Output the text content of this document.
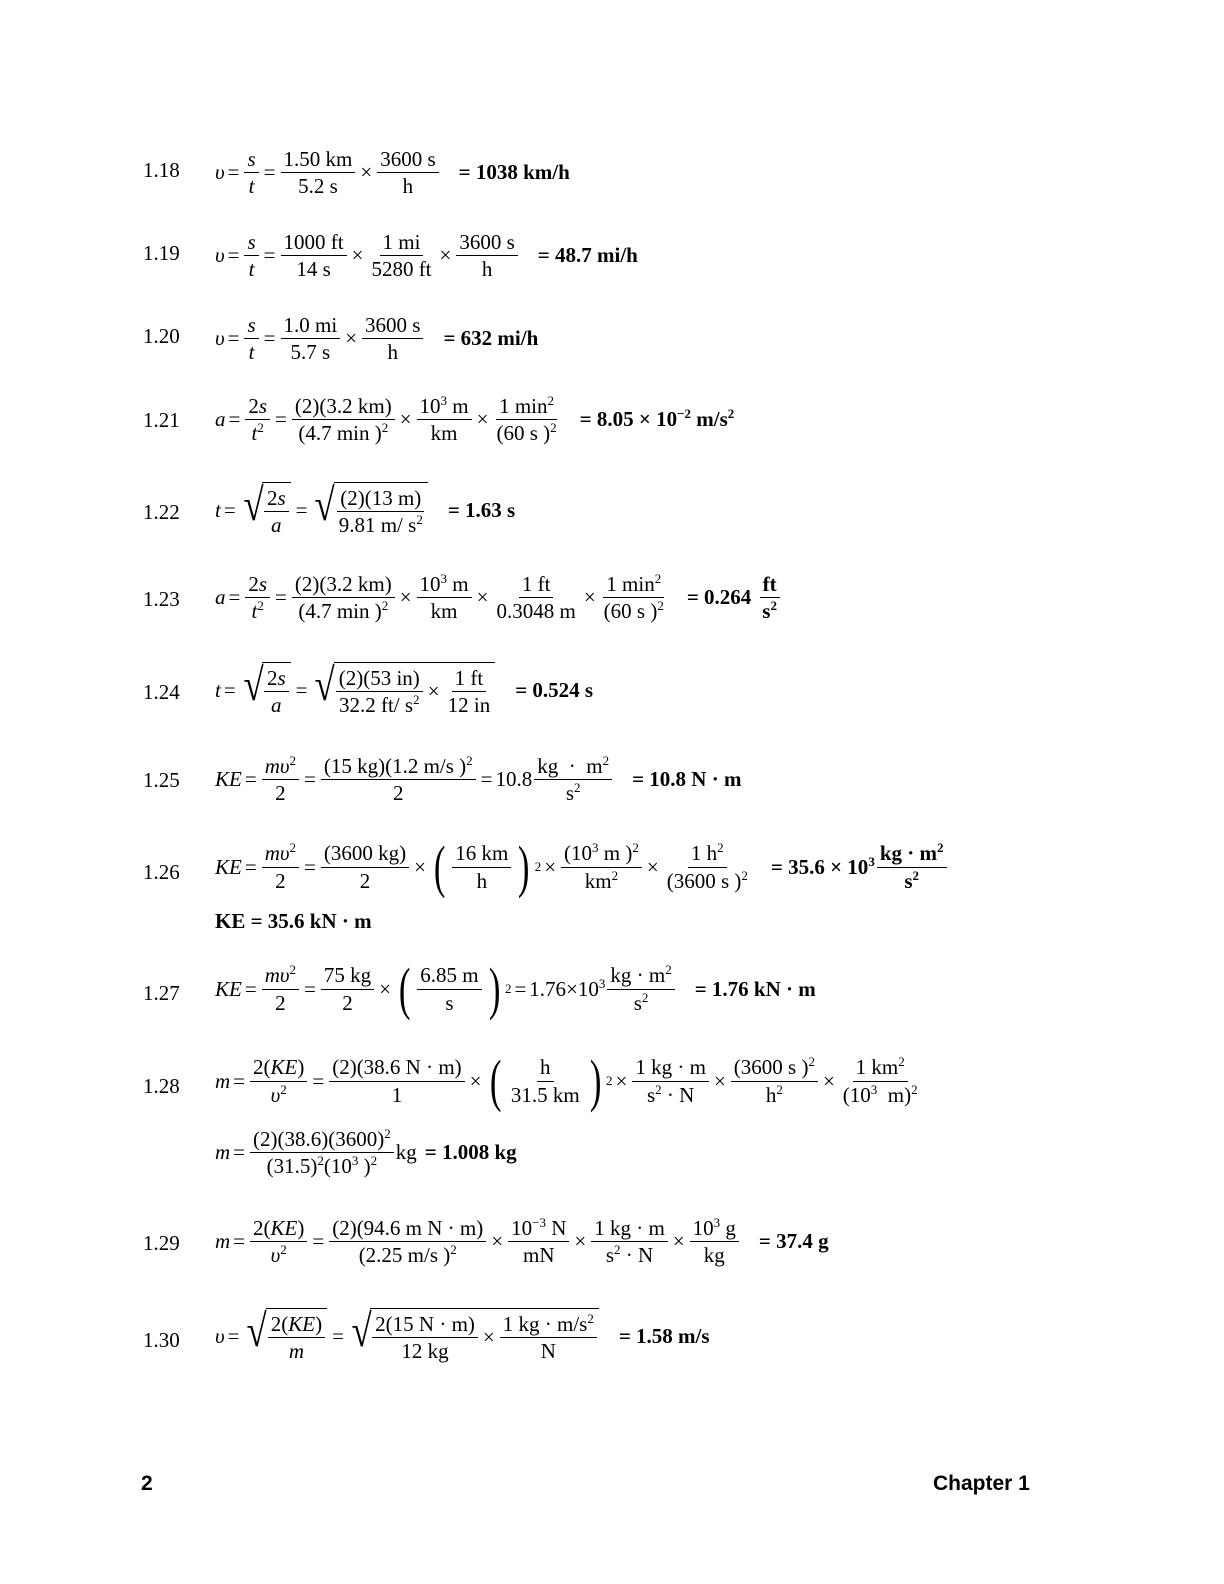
1.18 $\upsilon = \frac{s}{t} = \frac{1.50 km}{5.2 s} \times \frac{3600 s}{h} = 1038$ km/h
1.19 $\upsilon = \frac{s}{t} = \frac{1000 ft}{14 s} \times \frac{1 mi}{5280 ft} \times \frac{3600 s}{h} = 48.7$ mi/h
1.20 $\upsilon = \frac{s}{t} = \frac{1.0 mi}{5.7 s} \times \frac{3600 s}{h} = 632$ mi/h
1.21 $a = \frac{2s}{t^2} = \frac{(2)(3.2 km)}{(4.7 \min )^2} \times \frac{10^3 m}{km} \times \frac{1 \min^2}{(60 s )^2} = 8.05 \times 10^{-2}$ $m/s^2$
1.22 t = √ $\frac{2s}{a}$ = √ $\frac{(2)(13 m)}{9.81 m/ s^2} = 1.63$ s
1.23 $a = \frac{2s}{t^2} = \frac{(2)(3.2 km)}{(4.7 \min )^2} \times \frac{10^3 m}{km} \times \frac{1 ft}{0.3048 m} \times \frac{1 \min^2}{(60 s )^2} = 0.264 \frac{ft}{s^2}$
1.24 t = √ $\frac{2s}{a}$ = √ $\frac{(2)(53 in)}{32.2 ft/ s^2} \times \frac{1 ft}{12 in} = 0.524$ s
1.25 KE = $\frac{m\upsilon^2}{2} = \frac{(15 kg)(1.2 m/s )^2}{2} = 10.8 \frac{kg \cdot m^2}{s^2} = 10.8$ N · m
1.26 KE = $\frac{m\upsilon^2}{2} = \frac{(3600 kg)}{2}$ × ( $\frac{16 km}{h}$ ) $2 \times \frac{(10^3 m )^2}{km^2} \times \frac{1 h^2}{(3600 s )^2} = 35.6 \times 10^3 \frac{kg \cdot m^2}{s^2}$
KE = 35.6 kN · m
1.27 KE = $\frac{m\upsilon^2}{2} = \frac{75 kg}{2}$ × ( $\frac{6.85 m}{s}$ ) $2 = 1.76\times 10^3 \frac{kg \cdot m^2}{s^2} = 1.76$ kN · m
1.28 $m = \frac{2(KE)}{\upsilon^2} = \frac{(2)(38.6 N \cdot m)}{1}$ × ( $\frac{h}{31.5 km}$ ) $2 \times \frac{1 kg \cdot m}{s^2 \cdot N} \times \frac{(3600 s )^2}{h^2} \times \frac{1 km^2}{(10^3 m)^2}$
$m = \frac{(2)(38.6)(3600)^2}{(31.5)^2(10^3 )^2}$ kg = 1.008 kg
1.29 $m = \frac{2(KE)}{\upsilon^2} = \frac{\text{(2)(94.6 m N · m)}}{(2.25 m/s )^2} \times \frac{10^{-3} N}{mN} \times \frac{1 kg \cdot m}{s^2 \cdot N} \times \frac{10^3 g}{kg} = 37.4$ g
1.30 υ = √ $\frac{2(KE)}{m}$ = √ $\frac{2(15 N \cdot m)}{12 kg} \times \frac{1 kg \cdot m/s^2}{N} = 1.58$ m/s
2	Chapter 1
